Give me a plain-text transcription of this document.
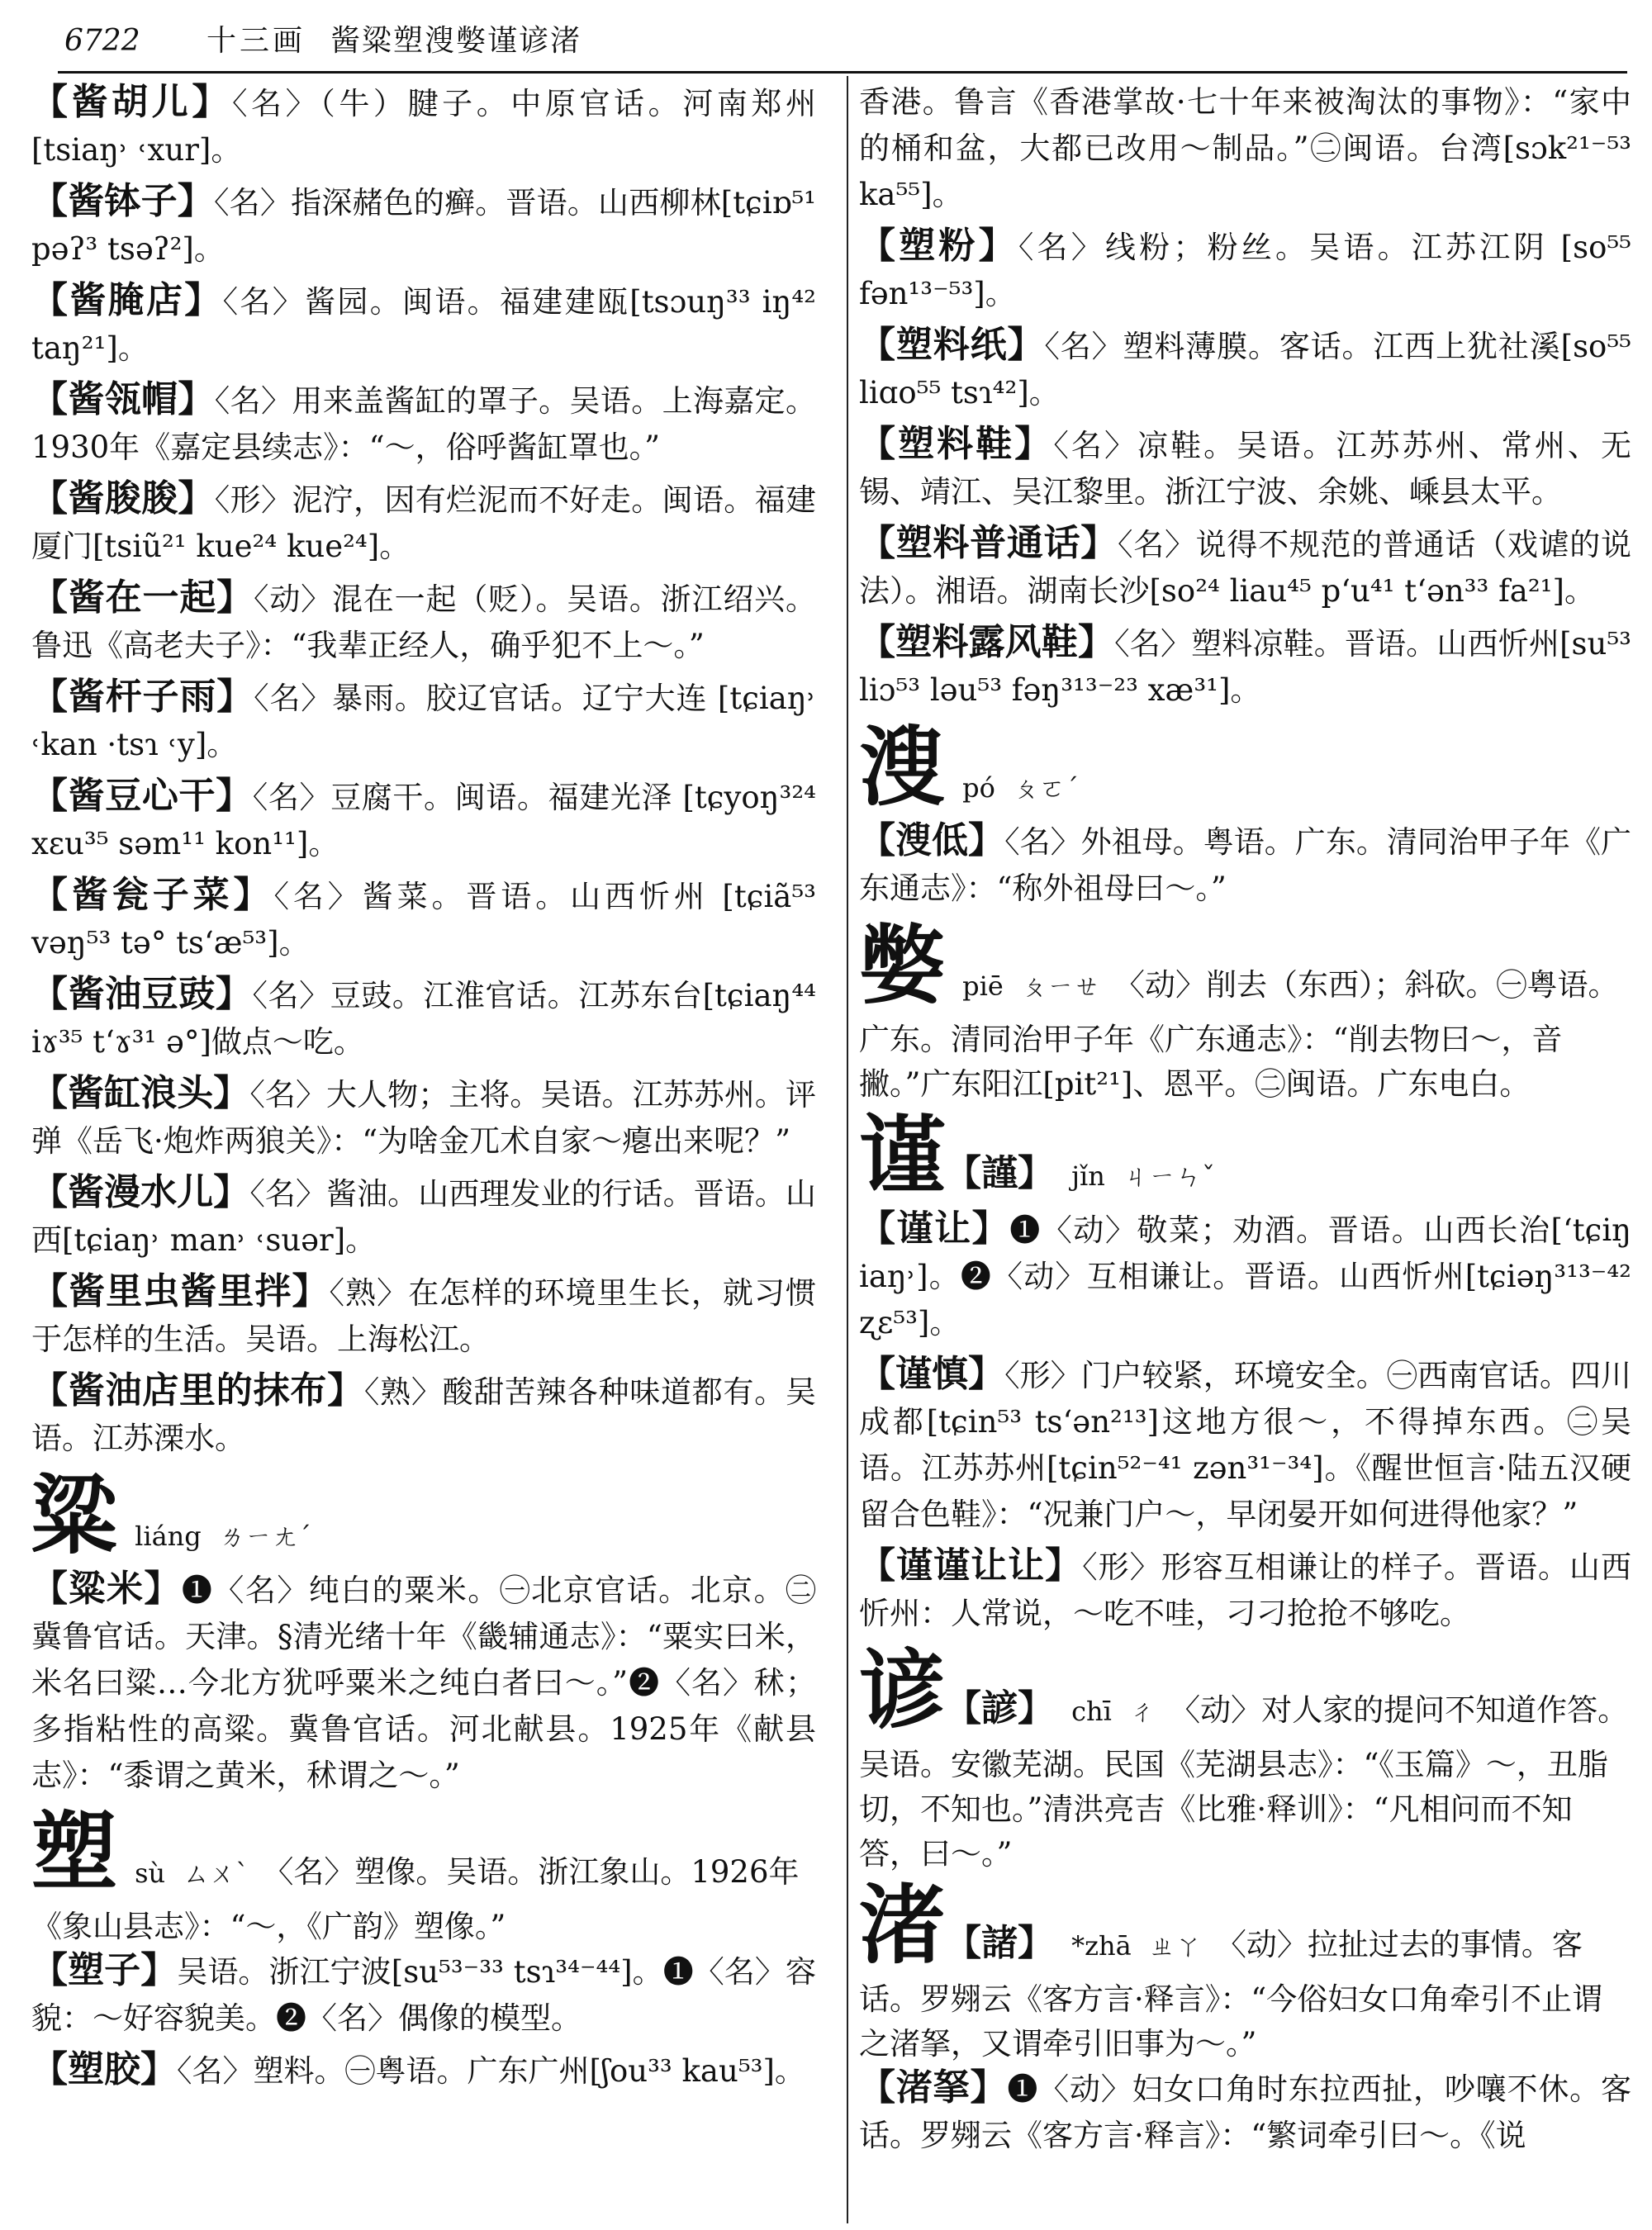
6722 十三画 酱粱塑溲嫳谨谚渚
【酱胡儿】〈名〉（牛）腱子。中原官话。河南郑州[tsiaŋ˒ ˓xur]。
【酱钵子】〈名〉指深赭色的癣。晋语。山西柳林[tɕiɒ⁵¹ pəʔ³ tsəʔ²]。
【酱腌店】〈名〉酱园。闽语。福建建瓯[tsɔuŋ³³ iŋ⁴² taŋ²¹]。
【酱瓴帽】〈名〉用来盖酱缸的罩子。吴语。上海嘉定。1930年《嘉定县续志》：“～，俗呼酱缸罩也。”
【酱朘朘】〈形〉泥泞，因有烂泥而不好走。闽语。福建厦门[tsiũ²¹ kue²⁴ kue²⁴]。
【酱在一起】〈动〉混在一起（贬）。吴语。浙江绍兴。鲁迅《高老夫子》：“我辈正经人，确乎犯不上～。”
【酱杆子雨】〈名〉暴雨。胶辽官话。辽宁大连 [tɕiaŋ˒ ˓kan ·tsɿ ˓y]。
【酱豆心干】〈名〉豆腐干。闽语。福建光泽 [tɕyoŋ³²⁴ xɛu³⁵ səm¹¹ kon¹¹]。
【酱瓮子菜】〈名〉酱菜。晋语。山西忻州 [tɕiã⁵³ vəŋ⁵³ tə° ts‘æ⁵³]。
【酱油豆豉】〈名〉豆豉。江淮官话。江苏东台[tɕiaŋ⁴⁴ iɤ³⁵ t‘ɤ³¹ ə°]做点～吃。
【酱缸浪头】〈名〉大人物；主将。吴语。江苏苏州。评弹《岳飞·炮炸两狼关》：“为啥金兀术自家～瘪出来呢？”
【酱漫水儿】〈名〉酱油。山西理发业的行话。晋语。山西[tɕiaŋ˒ man˒ ˓suər]。
【酱里虫酱里拌】〈熟〉在怎样的环境里生长，就习惯于怎样的生活。吴语。上海松江。
【酱油店里的抹布】〈熟〉酸甜苦辣各种味道都有。吴语。江苏溧水。
粱 liáng ㄌㄧㄤˊ
【粱米】❶〈名〉纯白的粟米。㊀北京官话。北京。㊁冀鲁官话。天津。§清光绪十年《畿辅通志》：“粟实曰米，米名曰粱…今北方犹呼粟米之纯白者曰～。”❷〈名〉秫；多指粘性的高粱。冀鲁官话。河北献县。1925年《献县志》：“黍谓之黄米，秫谓之～。”
塑 sù ㄙㄨˋ 〈名〉塑像。吴语。浙江象山。1926年《象山县志》：“～，《广韵》塑像。”
【塑子】吴语。浙江宁波[su⁵³⁻³³ tsɿ³⁴⁻⁴⁴]。❶〈名〉容貌：～好容貌美。❷〈名〉偶像的模型。
【塑胶】〈名〉塑料。㊀粤语。广东广州[ʃou³³ kau⁵³]。
香港。鲁言《香港掌故·七十年来被淘汰的事物》：“家中的桶和盆，大都已改用～制品。”㊁闽语。台湾[sɔk²¹⁻⁵³ ka⁵⁵]。
【塑粉】〈名〉线粉；粉丝。吴语。江苏江阴 [so⁵⁵ fən¹³⁻⁵³]。
【塑料纸】〈名〉塑料薄膜。客话。江西上犹社溪[so⁵⁵ liɑo⁵⁵ tsɿ⁴²]。
【塑料鞋】〈名〉凉鞋。吴语。江苏苏州、常州、无锡、靖江、吴江黎里。浙江宁波、余姚、嵊县太平。
【塑料普通话】〈名〉说得不规范的普通话（戏谑的说法）。湘语。湖南长沙[so²⁴ liau⁴⁵ p‘u⁴¹ t‘ən³³ fa²¹]。
【塑料露风鞋】〈名〉塑料凉鞋。晋语。山西忻州[su⁵³ liɔ⁵³ ləu⁵³ fəŋ³¹³⁻²³ xæ³¹]。
溲 pó ㄆㄛˊ
【溲低】〈名〉外祖母。粤语。广东。清同治甲子年《广东通志》：“称外祖母曰～。”
嫳 piē ㄆㄧㄝ 〈动〉削去（东西）；斜砍。㊀粤语。广东。清同治甲子年《广东通志》：“削去物曰～，音撇。”广东阳江[pit²¹]、恩平。㊁闽语。广东电白。
谨【謹】 jǐn ㄐㄧㄣˇ
【谨让】❶〈动〉敬菜；劝酒。晋语。山西长治[‘tɕiŋ iaŋ˒]。❷〈动〉互相谦让。晋语。山西忻州[tɕiəŋ³¹³⁻⁴² ʐɛ⁵³]。
【谨慎】〈形〉门户较紧，环境安全。㊀西南官话。四川成都[tɕin⁵³ ts‘ən²¹³]这地方很～，不得掉东西。㊁吴语。江苏苏州[tɕin⁵²⁻⁴¹ zən³¹⁻³⁴]。《醒世恒言·陆五汉硬留合色鞋》：“况兼门户～，早闭晏开如何进得他家？”
【谨谨让让】〈形〉形容互相谦让的样子。晋语。山西忻州：人常说，～吃不哇，刁刁抢抢不够吃。
谚【諺】 chī ㄔ 〈动〉对人家的提问不知道作答。吴语。安徽芜湖。民国《芜湖县志》：“《玉篇》～，丑脂切，不知也。”清洪亮吉《比雅·释训》：“凡相问而不知答，曰～。”
渚【諸】 *zhā ㄓㄚ 〈动〉拉扯过去的事情。客话。罗翙云《客方言·释言》：“今俗妇女口角牵引不止谓之渚拏，又谓牵引旧事为～。”
【渚拏】❶〈动〉妇女口角时东拉西扯，吵嚷不休。客话。罗翙云《客方言·释言》：“繁词牵引曰～。《说
